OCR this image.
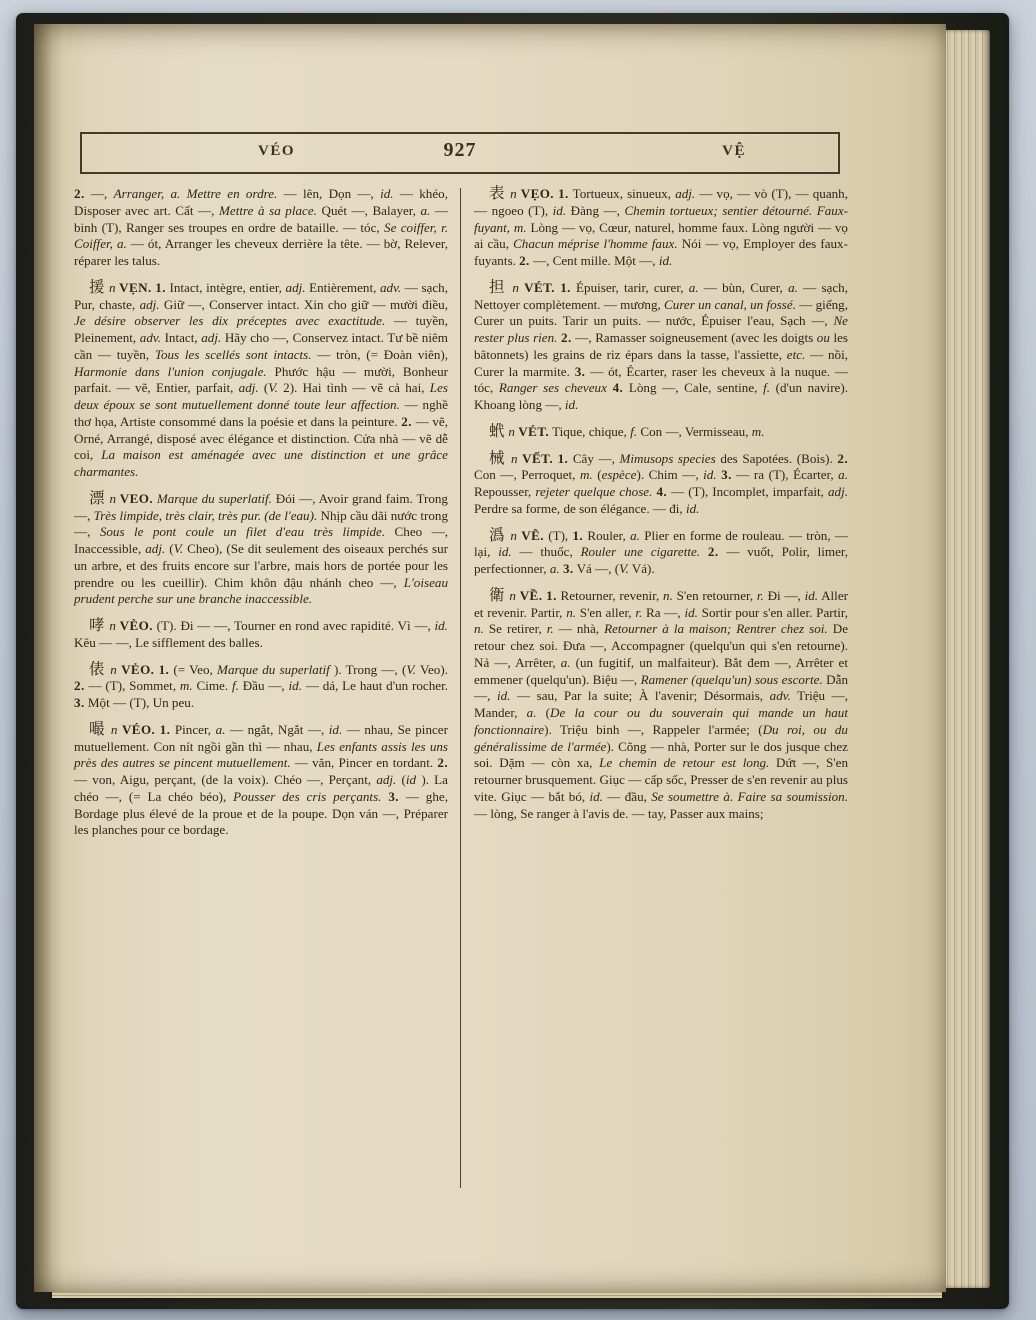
VÉO	927	VỆ

2. —, Arranger, a. Mettre en ordre. — lên, Dọn —, id. — khéo, Disposer avec art. Cất —, Mettre à sa place. Quét —, Balayer, a. — binh (T), Ranger ses troupes en ordre de bataille. — tóc, Se coiffer, r. Coiffer, a. — ót, Arranger les cheveux derrière la tête. — bờ, Relever, réparer les talus.

援 n VẸN. 1. Intact, intègre, entier, adj. Entièrement, adv. — sạch, Pur, chaste, adj. Giữ —, Conserver intact. Xin cho giữ — mười điều, Je désire observer les dix préceptes avec exactitude. — tuyền, Pleinement, adv. Intact, adj. Hãy cho —, Conservez intact. Tư bề niêm cần — tuyền, Tous les scellés sont intacts. — tròn, (= Đoàn viên), Harmonie dans l'union conjugale. Phước hậu — mười, Bonheur parfait. — vẽ, Entier, parfait, adj. (V. 2). Hai tình — vẽ cả hai, Les deux époux se sont mutuellement donné toute leur affection. — nghề thơ họa, Artiste consommé dans la poésie et dans la peinture. 2. — vẽ, Orné, Arrangé, disposé avec élégance et distinction. Cửa nhà — vẽ dễ coi, La maison est aménagée avec une distinction et une grâce charmantes.

漂 n VEO. Marque du superlatif. Đói —, Avoir grand faim. Trong —, Très limpide, très clair, très pur. (de l'eau). Nhịp cầu dãi nước trong —, Sous le pont coule un filet d'eau très limpide. Cheo —, Inaccessible, adj. (V. Cheo), (Se dit seulement des oiseaux perchés sur un arbre, et des fruits encore sur l'arbre, mais hors de portée pour les prendre ou les cueillir). Chim khôn đậu nhánh cheo —, L'oiseau prudent perche sur une branche inaccessible.

哮 n VÈO. (T). Đi — —, Tourner en rond avec rapidité. Vì —, id. Kêu — —, Le sifflement des balles.

俵 n VẺO. 1. (= Veo, Marque du superlatif ). Trong —, (V. Veo). 2. — (T), Sommet, m. Cime. f. Đầu —, id. — dá, Le haut d'un rocher. 3. Một — (T), Un peu.

嘬 n VÉO. 1. Pincer, a. — ngắt, Ngắt —, id. — nhau, Se pincer mutuellement. Con nít ngồi gần thì — nhau, Les enfants assis les uns près des autres se pincent mutuellement. — văn, Pincer en tordant. 2. — von, Aigu, perçant, (de la voix). Chéo —, Perçant, adj. (id ). La chéo —, (= La chéo béo), Pousser des cris perçants. 3. — ghe, Bordage plus élevé de la proue et de la poupe. Dọn ván —, Préparer les planches pour ce bordage.

表 n VẸO. 1. Tortueux, sinueux, adj. — vọ, — vò (T), — quanh, — ngoeo (T), id. Đàng —, Chemin tortueux; sentier détourné. Faux-fuyant, m. Lòng — vọ, Cœur, naturel, homme faux. Lòng người — vọ ai cầu, Chacun méprise l'homme faux. Nói — vọ, Employer des faux-fuyants. 2. —, Cent mille. Một —, id.

担 n VÉT. 1. Épuiser, tarir, curer, a. — bùn, Curer, a. — sạch, Nettoyer complètement. — mương, Curer un canal, un fossé. — giếng, Curer un puits. Tarir un puits. — nước, Épuiser l'eau, Sạch —, Ne rester plus rien. 2. —, Ramasser soigneusement (avec les doigts ou les bâtonnets) les grains de riz épars dans la tasse, l'assiette, etc. — nồi, Curer la marmite. 3. — ót, Écarter, raser les cheveux à la nuque. — tóc, Ranger ses cheveux 4. Lòng —, Cale, sentine, f. (d'un navire). Khoang lòng —, id.

蚮 n VÉT. Tique, chique, f. Con —, Vermisseau, m.

械 n VẾT. 1. Cây —, Mimusops species des Sapotées. (Bois). 2. Con —, Perroquet, m. (espèce). Chim —, id. 3. — ra (T), Écarter, a. Repousser, rejeter quelque chose. 4. — (T), Incomplet, imparfait, adj. Perdre sa forme, de son élégance. — đi, id.

潙 n VÊ. (T), 1. Rouler, a. Plier en forme de rouleau. — tròn, — lại, id. — thuốc, Rouler une cigarette. 2. — vuốt, Polir, limer, perfectionner, a. 3. Vá —, (V. Vá).

衛 n VỀ. 1. Retourner, revenir, n. S'en retourner, r. Đi —, id. Aller et revenir. Partir, n. S'en aller, r. Ra —, id. Sortir pour s'en aller. Partir, n. Se retirer, r. — nhà, Retourner à la maison; Rentrer chez soi. De retour chez soi. Đưa —, Accompagner (quelqu'un qui s'en retourne). Nả —, Arrêter, a. (un fugitif, un malfaiteur). Bắt đem —, Arrêter et emmener (quelqu'un). Biệu —, Ramener (quelqu'un) sous escorte. Dẫn —, id. — sau, Par la suite; À l'avenir; Désormais, adv. Triệu —, Mander, a. (De la cour ou du souverain qui mande un haut fonctionnaire). Triệu binh —, Rappeler l'armée; (Du roi, ou du généralissime de l'armée). Cõng — nhà, Porter sur le dos jusque chez soi. Dặm — còn xa, Le chemin de retour est long. Dứt —, S'en retourner brusquement. Giục — cấp sốc, Presser de s'en revenir au plus vite. Giục — bắt bó, id. — đầu, Se soumettre à. Faire sa soumission. — lòng, Se ranger à l'avis de. — tay, Passer aux mains;
